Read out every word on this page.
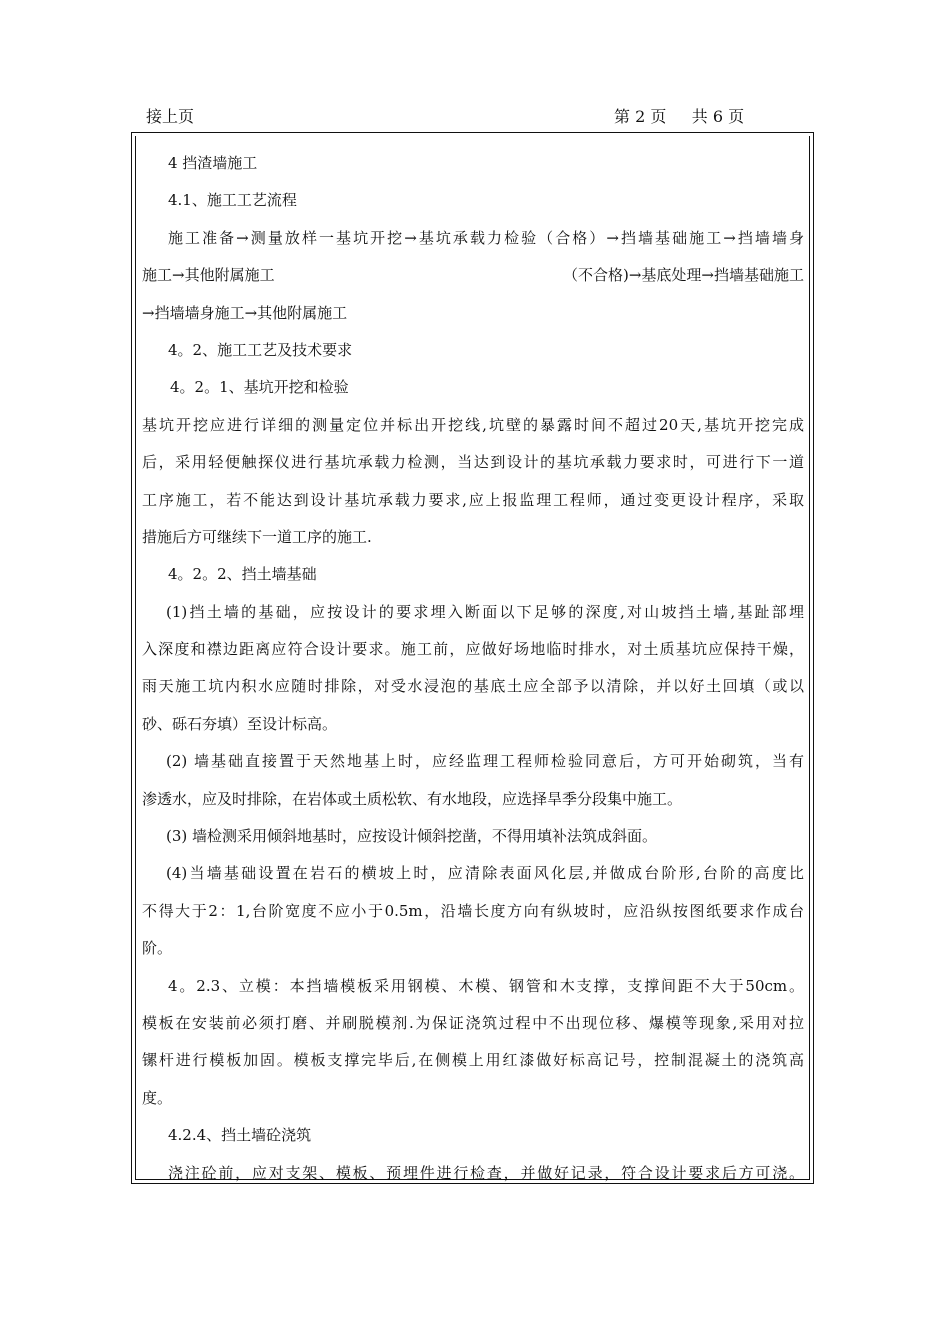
接上页	第 2 页     共 6 页
4 挡渣墙施工
4.1、施工工艺流程
施工准备→测量放样一基坑开挖→基坑承载力检验（合格）→挡墙基础施工→挡墙墙身
施工→其他附属施工	（不合格)→基底处理→挡墙基础施工
→挡墙墙身施工→其他附属施工
4。2、施工工艺及技术要求
4。2。1、基坑开挖和检验
基坑开挖应进行详细的测量定位并标出开挖线,坑壁的暴露时间不超过20天,基坑开挖完成
后，采用轻便触探仪进行基坑承载力检测，当达到设计的基坑承载力要求时，可进行下一道
工序施工，若不能达到设计基坑承载力要求,应上报监理工程师，通过变更设计程序，采取
措施后方可继续下一道工序的施工.
4。2。2、挡土墙基础
(1)挡土墙的基础，应按设计的要求埋入断面以下足够的深度,对山坡挡土墙,基趾部埋
入深度和襟边距离应符合设计要求。施工前，应做好场地临时排水，对土质基坑应保持干燥，
雨天施工坑内积水应随时排除，对受水浸泡的基底土应全部予以清除，并以好土回填（或以
砂、砾石夯填）至设计标高。
(2) 墙基础直接置于天然地基上时，应经监理工程师检验同意后，方可开始砌筑，当有
渗透水，应及时排除，在岩体或土质松软、有水地段，应选择旱季分段集中施工。
(3) 墙检测采用倾斜地基时，应按设计倾斜挖凿，不得用填补法筑成斜面。
(4)当墙基础设置在岩石的横坡上时，应清除表面风化层,并做成台阶形,台阶的高度比
不得大于2：1,台阶宽度不应小于0.5m，沿墙长度方向有纵坡时，应沿纵按图纸要求作成台
阶。
4。2.3、立模：本挡墙模板采用钢模、木模、钢管和木支撑，支撑间距不大于50cm。
模板在安装前必须打磨、并刷脱模剂.为保证浇筑过程中不出现位移、爆模等现象,采用对拉
镙杆进行模板加固。模板支撑完毕后,在侧模上用红漆做好标高记号，控制混凝土的浇筑高
度。
4.2.4、挡土墙砼浇筑
浇注砼前，应对支架、模板、预埋件进行检查，并做好记录，符合设计要求后方可浇。
